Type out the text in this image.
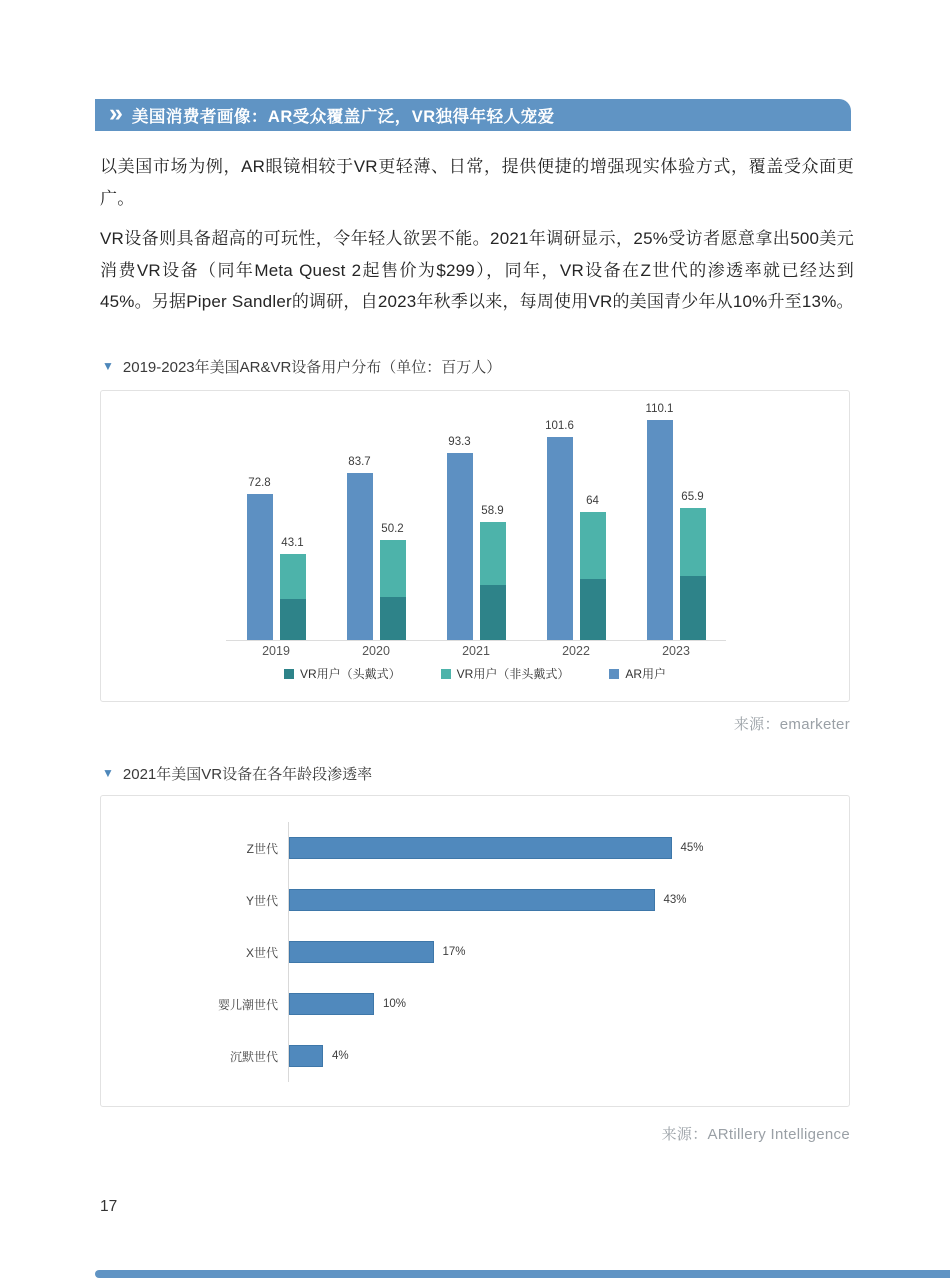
» 美国消费者画像：AR受众覆盖广泛，VR独得年轻人宠爱

以美国市场为例，AR眼镜相较于VR更轻薄、日常，提供便捷的增强现实体验方式，覆盖受众面更广。

VR设备则具备超高的可玩性，令年轻人欲罢不能。2021年调研显示，25%受访者愿意拿出500美元消费VR设备（同年Meta Quest 2起售价为$299），同年，VR设备在Z世代的渗透率就已经达到45%。另据Piper Sandler的调研，自2023年秋季以来，每周使用VR的美国青少年从10%升至13%。

▼ 2019-2023年美国AR&VR设备用户分布（单位：百万人）
72.8
43.1
83.7
50.2
93.3
58.9
101.6
64
110.1
65.9
2019	2020	2021	2022	2023
VR用户（头戴式）	VR用户（非头戴式）	AR用户
来源：emarketer
▼ 2021年美国VR设备在各年龄段渗透率
Z世代	45%
Y世代	43%
X世代	17%
婴儿潮世代	10%
沉默世代	4%
来源：ARtillery Intelligence
17
